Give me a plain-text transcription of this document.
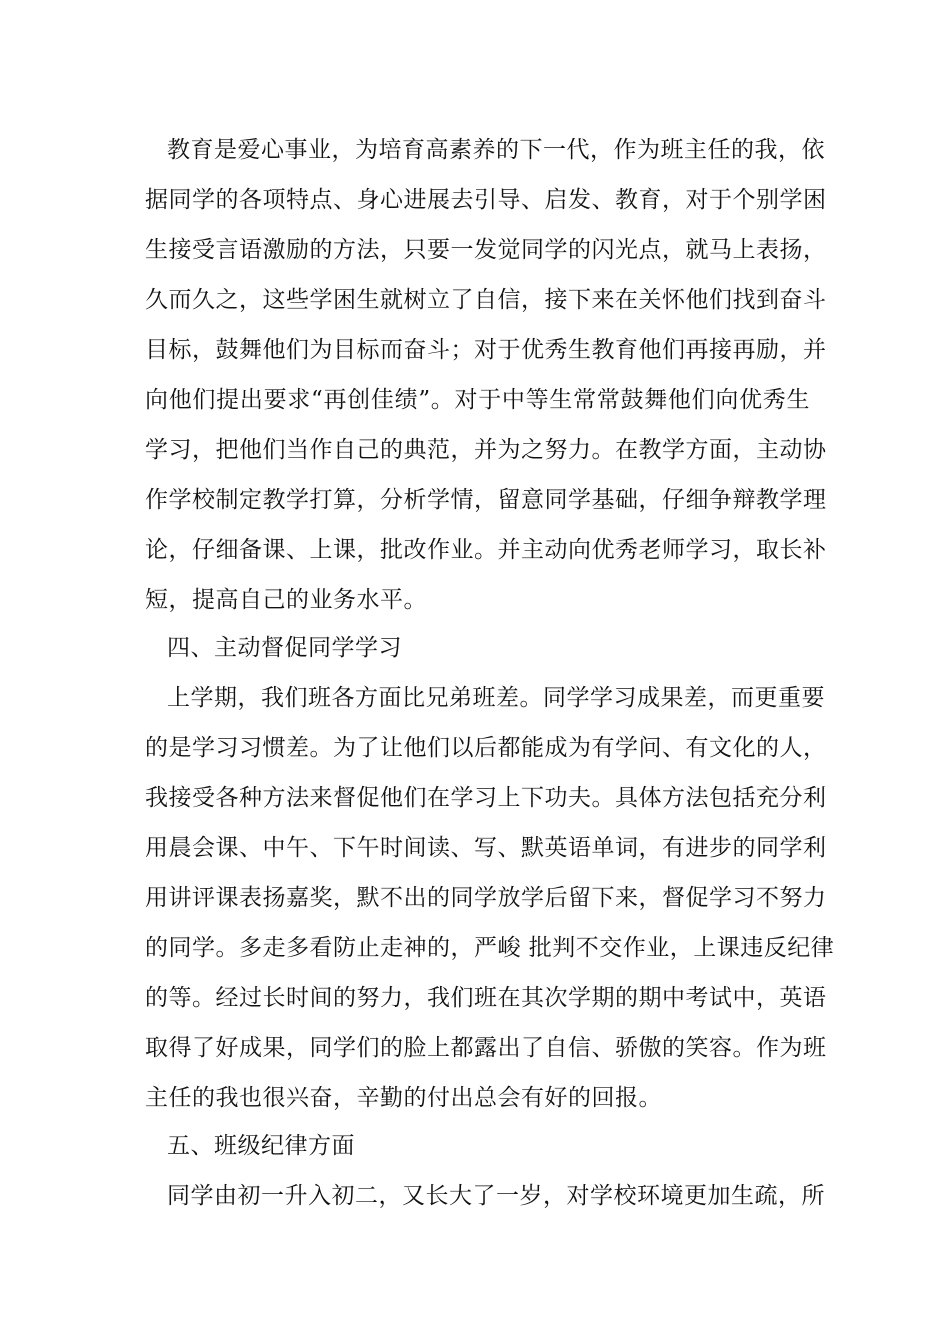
教育是爱心事业，为培育高素养的下一代，作为班主任的我，依
据同学的各项特点、身心进展去引导、启发、教育，对于个别学困
生接受言语激励的方法，只要一发觉同学的闪光点，就马上表扬，
久而久之，这些学困生就树立了自信，接下来在关怀他们找到奋斗
目标，鼓舞他们为目标而奋斗；对于优秀生教育他们再接再励，并
向他们提出要求“再创佳绩”。对于中等生常常鼓舞他们向优秀生
学习，把他们当作自己的典范，并为之努力。在教学方面，主动协
作学校制定教学打算，分析学情，留意同学基础，仔细争辩教学理
论，仔细备课、上课，批改作业。并主动向优秀老师学习，取长补
短，提高自己的业务水平。
四、主动督促同学学习
上学期，我们班各方面比兄弟班差。同学学习成果差，而更重要
的是学习习惯差。为了让他们以后都能成为有学问、有文化的人，
我接受各种方法来督促他们在学习上下功夫。具体方法包括充分利
用晨会课、中午、下午时间读、写、默英语单词，有进步的同学利
用讲评课表扬嘉奖，默不出的同学放学后留下来，督促学习不努力
的同学。多走多看防止走神的，严峻 批判不交作业，上课违反纪律
的等。经过长时间的努力，我们班在其次学期的期中考试中，英语
取得了好成果，同学们的脸上都露出了自信、骄傲的笑容。作为班
主任的我也很兴奋，辛勤的付出总会有好的回报。
五、班级纪律方面
同学由初一升入初二，又长大了一岁，对学校环境更加生疏，所
